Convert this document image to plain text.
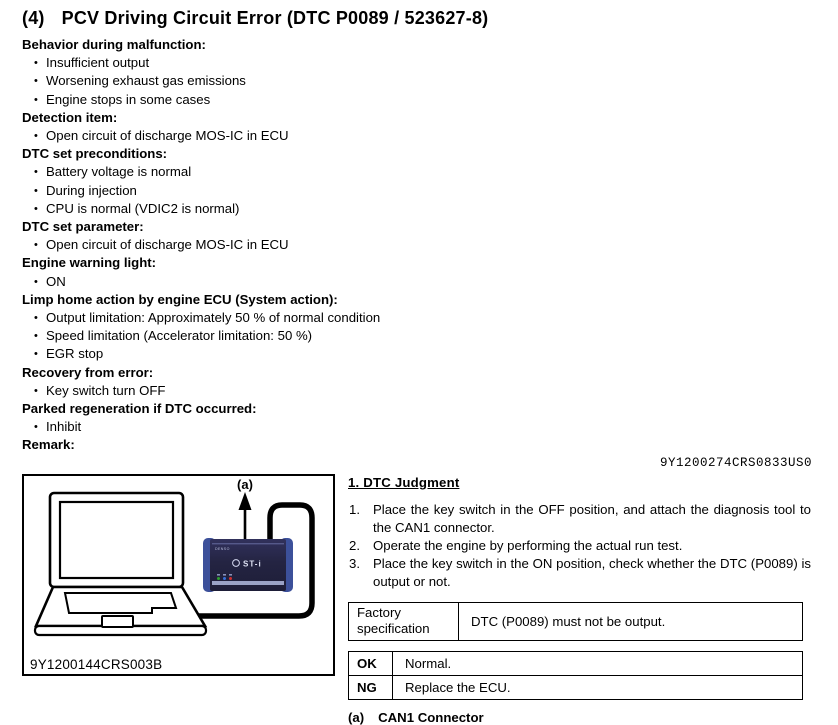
(4) PCV Driving Circuit Error (DTC P0089 / 523627-8)
Behavior during malfunction:
• Insufficient output
• Worsening exhaust gas emissions
• Engine stops in some cases
Detection item:
• Open circuit of discharge MOS-IC in ECU
DTC set preconditions:
• Battery voltage is normal
• During injection
• CPU is normal (VDIC2 is normal)
DTC set parameter:
• Open circuit of discharge MOS-IC in ECU
Engine warning light:
• ON
Limp home action by engine ECU (System action):
• Output limitation: Approximately 50 % of normal condition
• Speed limitation (Accelerator limitation: 50 %)
• EGR stop
Recovery from error:
• Key switch turn OFF
Parked regeneration if DTC occurred:
• Inhibit
Remark:
9Y1200274CRS0833US0
(a)
DENSO
ST-i
9Y1200144CRS003B
1. DTC Judgment
Place the key switch in the OFF position, and attach the diagnosis tool to the CAN1 connector.
Operate the engine by performing the actual run test.
Place the key switch in the ON position, check whether the DTC (P0089) is output or not.
Factory specification	DTC (P0089) must not be output.
OK	Normal.
NG	Replace the ECU.
(a) CAN1 Connector
